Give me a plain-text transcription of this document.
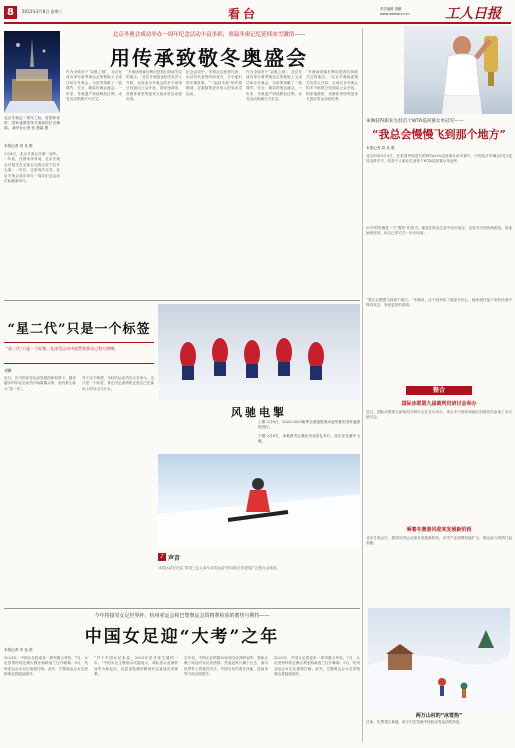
8	2023年2月8日 星期三	看台	责任编辑 刘鹏
www.workercn.cn	工人日报
北京冬奥会成功举办一周年纪念活动丰富多彩，重温冬奥记忆延续冰雪激情——
用传承致敬冬奥盛会
北京冬奥会一周年之际，首都体育馆、国家速滑馆等冬奥场馆灯光璀璨。 新华社记者 张 晨霖 摄
本报记者 刘 兆 歌
2月4日，北京冬奥会开幕一周年。一年前，在国家体育场，北京冬奥会开幕式在全球目光的注视下拉开大幕；一年后，这里再次点亮，北京冬奥会成功举办一周年纪念活动在此隆重举行。
作为全球首个“双奥之城”，北京在成功举办夏季奥运会的基础上又成功举办冬奥会，为世界奉献了一届简约、安全、精彩的奥运盛会。一年来，冬奥遗产持续释放红利，冰雪运动热潮方兴未艾。
“冬奥场馆赛后利用是我们持续关注的重点。”北京冬奥组委相关负责人介绍，目前北京冬奥会的多个场馆已经面向公众开放，国家速滑馆、首都体育馆等迎来大批冰雪运动爱好者。
纪念活动中，冬奥会志愿者代表、运动员代表等纷纷登台，分享他们的冬奥故事。“一起向未来”的冬奥精神，正激励着更多的人投身冰雪运动。
作为全球首个“双奥之城”，北京在成功举办夏季奥运会的基础上又成功举办冬奥会，为世界奉献了一届简约、安全、精彩的奥运盛会。一年来，冬奥遗产持续释放红利，冰雪运动热潮方兴未艾。
“冬奥场馆赛后利用是我们持续关注的重点。”北京冬奥组委相关负责人介绍，目前北京冬奥会的多个场馆已经面向公众开放，国家速滑馆、首都体育馆等迎来大批冰雪运动爱好者。
朱琳获得职业生涯首个WTA巡回赛女单冠军——
“我总会慢慢飞到那个地方”
本报记者 刘 兆 歌
北京时间2月5日，在泰国华欣进行的WTA250巡回赛女单决赛中，中国选手朱琳以2比1逆转击败对手，收获个人职业生涯首个WTA巡回赛女单冠军。
29岁的朱琳是一个“慢热”的选手。她曾在职业生涯中经历低谷，也曾多次因伤病困扰。但她始终坚持，用自己的方式一步步向前。
“我总会慢慢飞到那个地方。”朱琳说，这个冠军给了她更多信心，她希望在接下来的比赛中保持状态，争取更好的成绩。
整合
国际冰联第九届裁判员研讨会举办
近日，国际冰联第九届裁判员研讨会在北京举办，来自多个国家和地区的裁判员参加了本次研讨会。
乘着冬奥春风迎来发展新阶段
北京冬奥会后，我国冰雪运动迎来发展新阶段，冰雪产业规模持续扩大，群众参与热情日益高涨。
两万山村的“冰雪热”
日前，在黑龙江某地，孩子们在雪地中体验冰雪运动的快乐。
“星二代”只是一个标签
“星二代”只是一个标签，在冰雪运动中依然要靠自己努力拼搏。
刘鹏
近日，在中国冰雪运动发展的新形势下，越来越多的年轻运动员开始崭露头角，他们被人称为“星二代”。
对于这个称谓，年轻的运动员们大多表示，这只是一个标签，真正决定成绩的还是自己在赛场上的付出与汗水。
风驰电掣
上图 2月6日，2022-2023赛季全国速度滑冰冠军赛在国家速滑馆进行。
下图 2月6日，单板滑雪比赛在河北崇礼举行，选手在比赛中飞驰。
♪ 声音
冰雪运动正在从“带动三亿人参与冰雪运动”的目标走向更加广泛的大众普及。
今年将接受女足世界杯、杭州亚运会和巴黎奥运会资格赛检验的蓄势与期待——
中国女足迎“大考”之年
本报记者 李 兆 淞
2023年，中国女足将迎来一系列重大考验。7月，女足世界杯将在澳大利亚和新西兰拉开帷幕；9月，杭州亚运会女足比赛将打响；此外，巴黎奥运会女足资格赛也将陆续展开。
“对于中国女足来说，2023年是非常关键的一年。”中国女足主教练水庆霞表示，球队将以亚洲杯冠军为新起点，以更加饱满的精神状态备战各项赛事。
去年初，中国女足时隔16年再夺亚洲杯冠军，重新点燃了球迷对女足的热情。然而冠军只属于过去，面对世界杯上的强劲对手，中国女足仍需在体能、技战术等方面全面提升。
2023年，中国女足将迎来一系列重大考验。7月，女足世界杯将在澳大利亚和新西兰拉开帷幕；9月，杭州亚运会女足比赛将打响；此外，巴黎奥运会女足资格赛也将陆续展开。
